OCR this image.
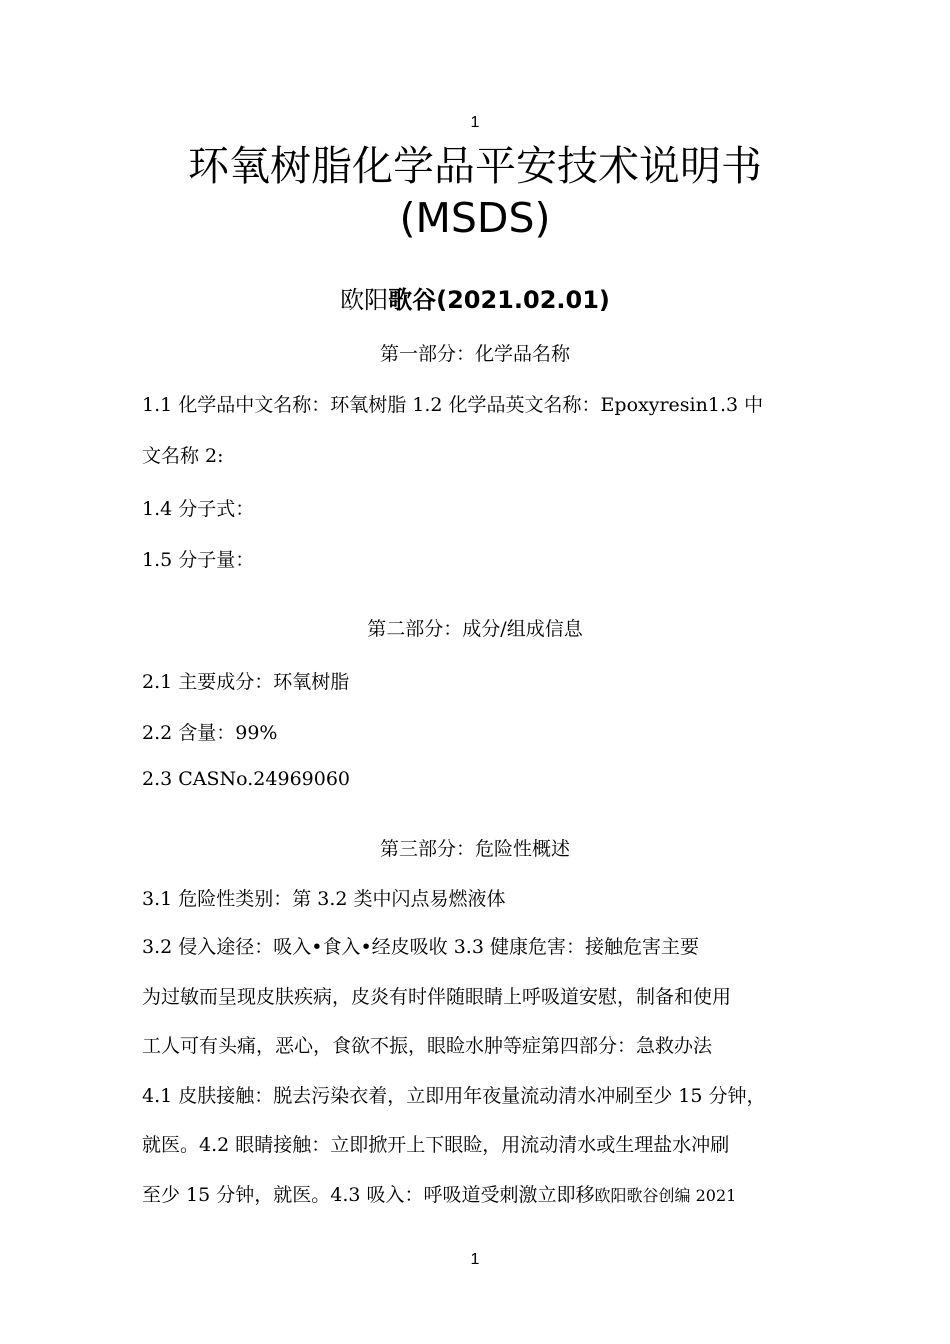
1
环氧树脂化学品平安技术说明书
(MSDS)
欧阳歌谷(2021.02.01)
第一部分：化学品名称
1.1 化学品中文名称：环氧树脂 1.2 化学品英文名称：Epoxyresin1.3 中
文名称 2:
1.4 分子式：
1.5 分子量：
第二部分：成分/组成信息
2.1 主要成分：环氧树脂
2.2 含量：99%
2.3 CASNo.24969060
第三部分：危险性概述
3.1 危险性类别：第 3.2 类中闪点易燃液体
3.2 侵入途径：吸入•食入•经皮吸收 3.3 健康危害：接触危害主要
为过敏而呈现皮肤疾病，皮炎有时伴随眼睛上呼吸道安慰，制备和使用
工人可有头痛，恶心，食欲不振，眼睑水肿等症第四部分：急救办法
4.1 皮肤接触：脱去污染衣着，立即用年夜量流动清水冲刷至少 15 分钟，
就医。4.2 眼睛接触：立即掀开上下眼睑，用流动清水或生理盐水冲刷
至少 15 分钟，就医。4.3 吸入：呼吸道受刺激立即移欧阳歌谷创编 2021
1
